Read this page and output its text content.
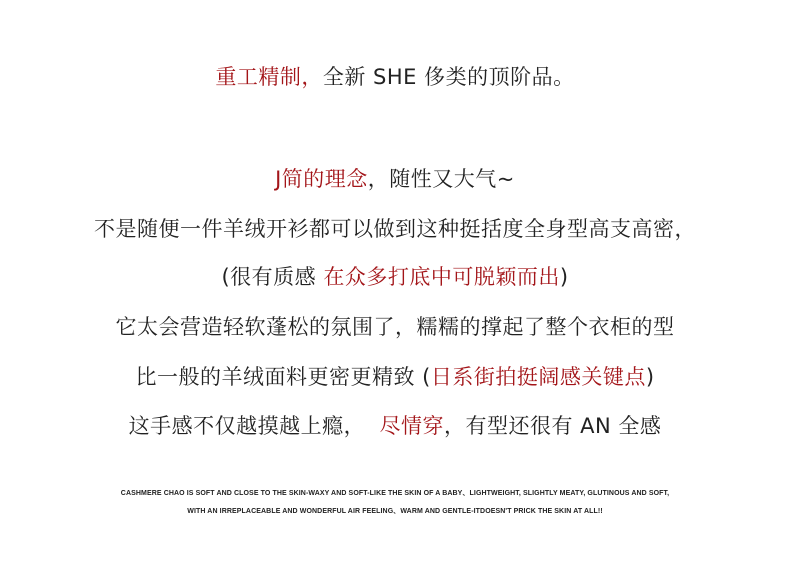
重工精制，全新 SHE 侈类的顶阶品。
J简的理念，随性又大气~
不是随便一件羊绒开衫都可以做到这种挺括度全身型高支高密，
(很有质感 在众多打底中可脱颖而出)
它太会营造轻软蓬松的氛围了，糯糯的撑起了整个衣柜的型
比一般的羊绒面料更密更精致 (日系街拍挺阔感关键点)
这手感不仅越摸越上瘾，  尽情穿，有型还很有 AN 全感
CASHMERE CHAO IS SOFT AND CLOSE TO THE SKIN-WAXY AND SOFT-LIKE THE SKIN OF A BABY、LIGHTWEIGHT, SLIGHTLY MEATY, GLUTINOUS AND SOFT,
WITH AN IRREPLACEABLE AND WONDERFUL AIR FEELING、WARM AND GENTLE-ITDOESN'T PRICK THE SKIN AT ALL!!
